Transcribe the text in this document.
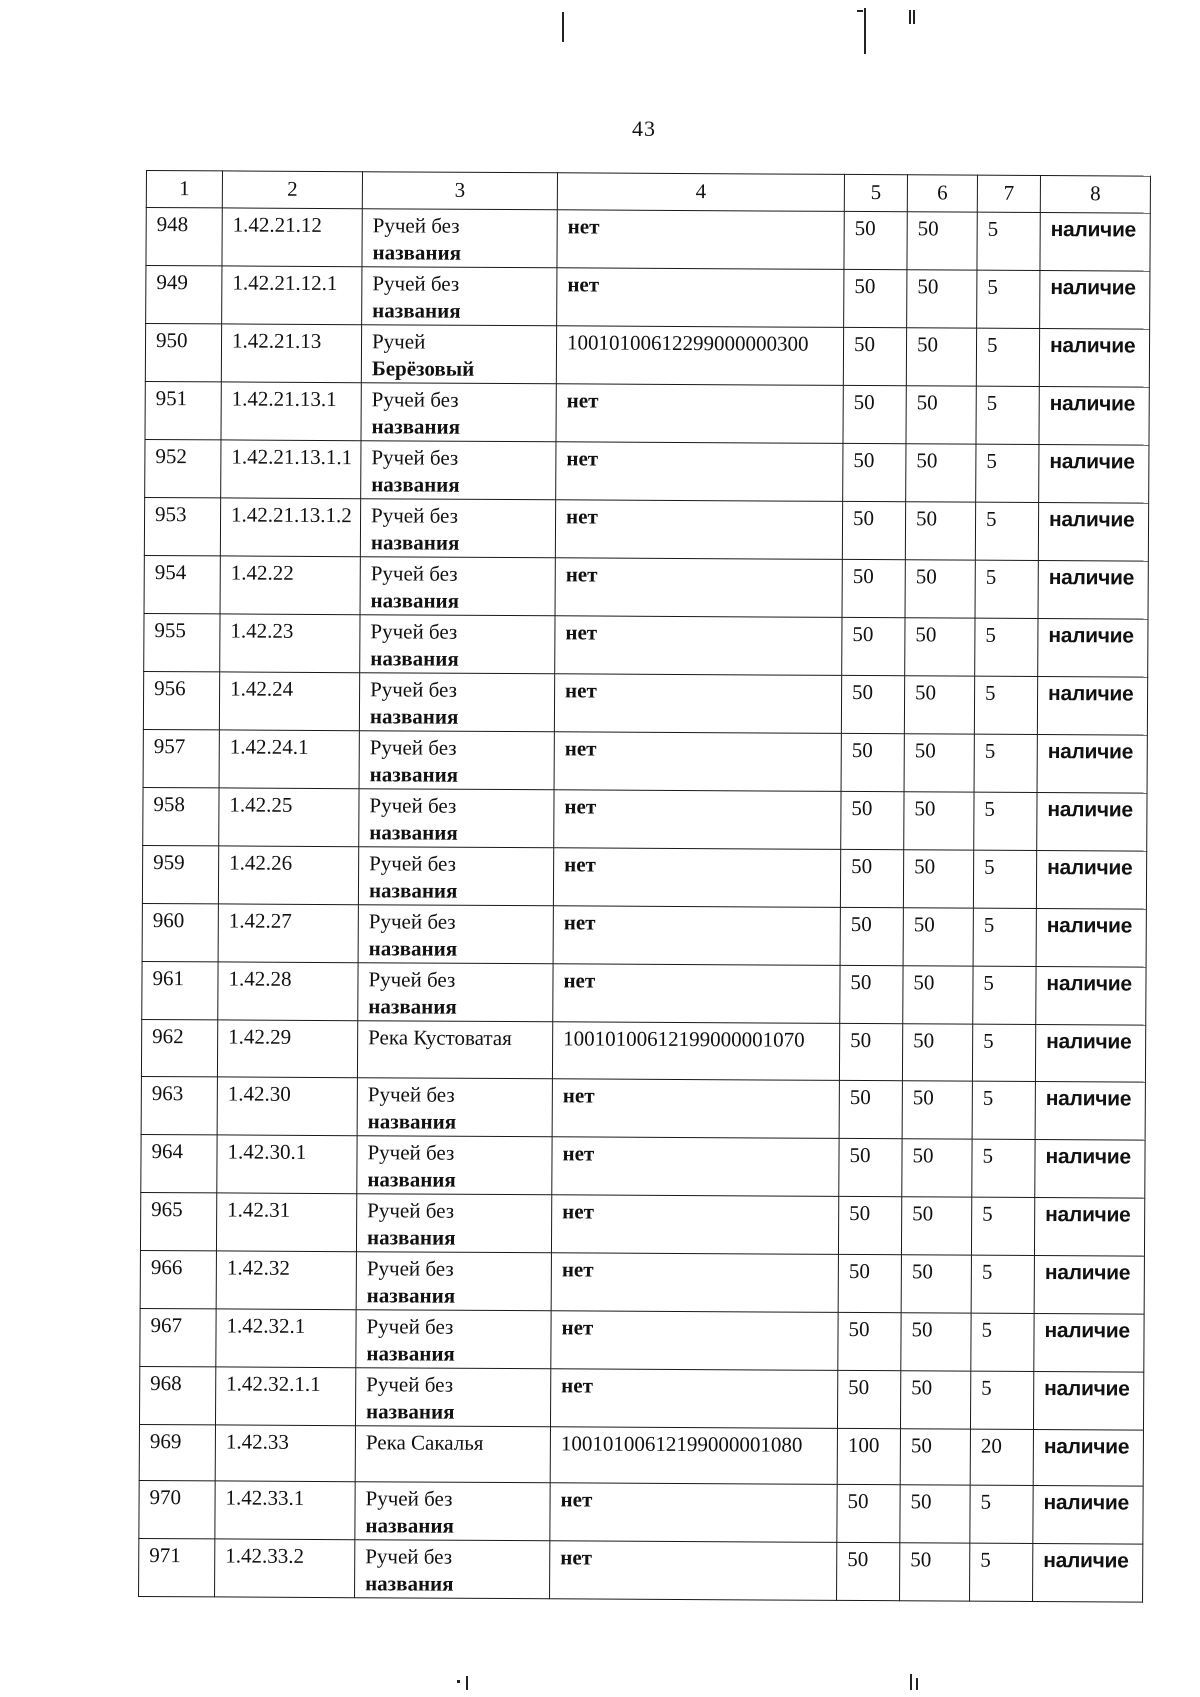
43
1	2	3	4	5	6	7	8
948	1.42.21.12	Ручей без
названия	нет	50	50	5	наличие
949	1.42.21.12.1	Ручей без
названия	нет	50	50	5	наличие
950	1.42.21.13	Ручей
Берёзовый	10010100612299000000300	50	50	5	наличие
951	1.42.21.13.1	Ручей без
названия	нет	50	50	5	наличие
952	1.42.21.13.1.1	Ручей без
названия	нет	50	50	5	наличие
953	1.42.21.13.1.2	Ручей без
названия	нет	50	50	5	наличие
954	1.42.22	Ручей без
названия	нет	50	50	5	наличие
955	1.42.23	Ручей без
названия	нет	50	50	5	наличие
956	1.42.24	Ручей без
названия	нет	50	50	5	наличие
957	1.42.24.1	Ручей без
названия	нет	50	50	5	наличие
958	1.42.25	Ручей без
названия	нет	50	50	5	наличие
959	1.42.26	Ручей без
названия	нет	50	50	5	наличие
960	1.42.27	Ручей без
названия	нет	50	50	5	наличие
961	1.42.28	Ручей без
названия	нет	50	50	5	наличие
962	1.42.29	Река Кустоватая	10010100612199000001070	50	50	5	наличие
963	1.42.30	Ручей без
названия	нет	50	50	5	наличие
964	1.42.30.1	Ручей без
названия	нет	50	50	5	наличие
965	1.42.31	Ручей без
названия	нет	50	50	5	наличие
966	1.42.32	Ручей без
названия	нет	50	50	5	наличие
967	1.42.32.1	Ручей без
названия	нет	50	50	5	наличие
968	1.42.32.1.1	Ручей без
названия	нет	50	50	5	наличие
969	1.42.33	Река Сакалья	10010100612199000001080	100	50	20	наличие
970	1.42.33.1	Ручей без
названия	нет	50	50	5	наличие
971	1.42.33.2	Ручей без
названия	нет	50	50	5	наличие
